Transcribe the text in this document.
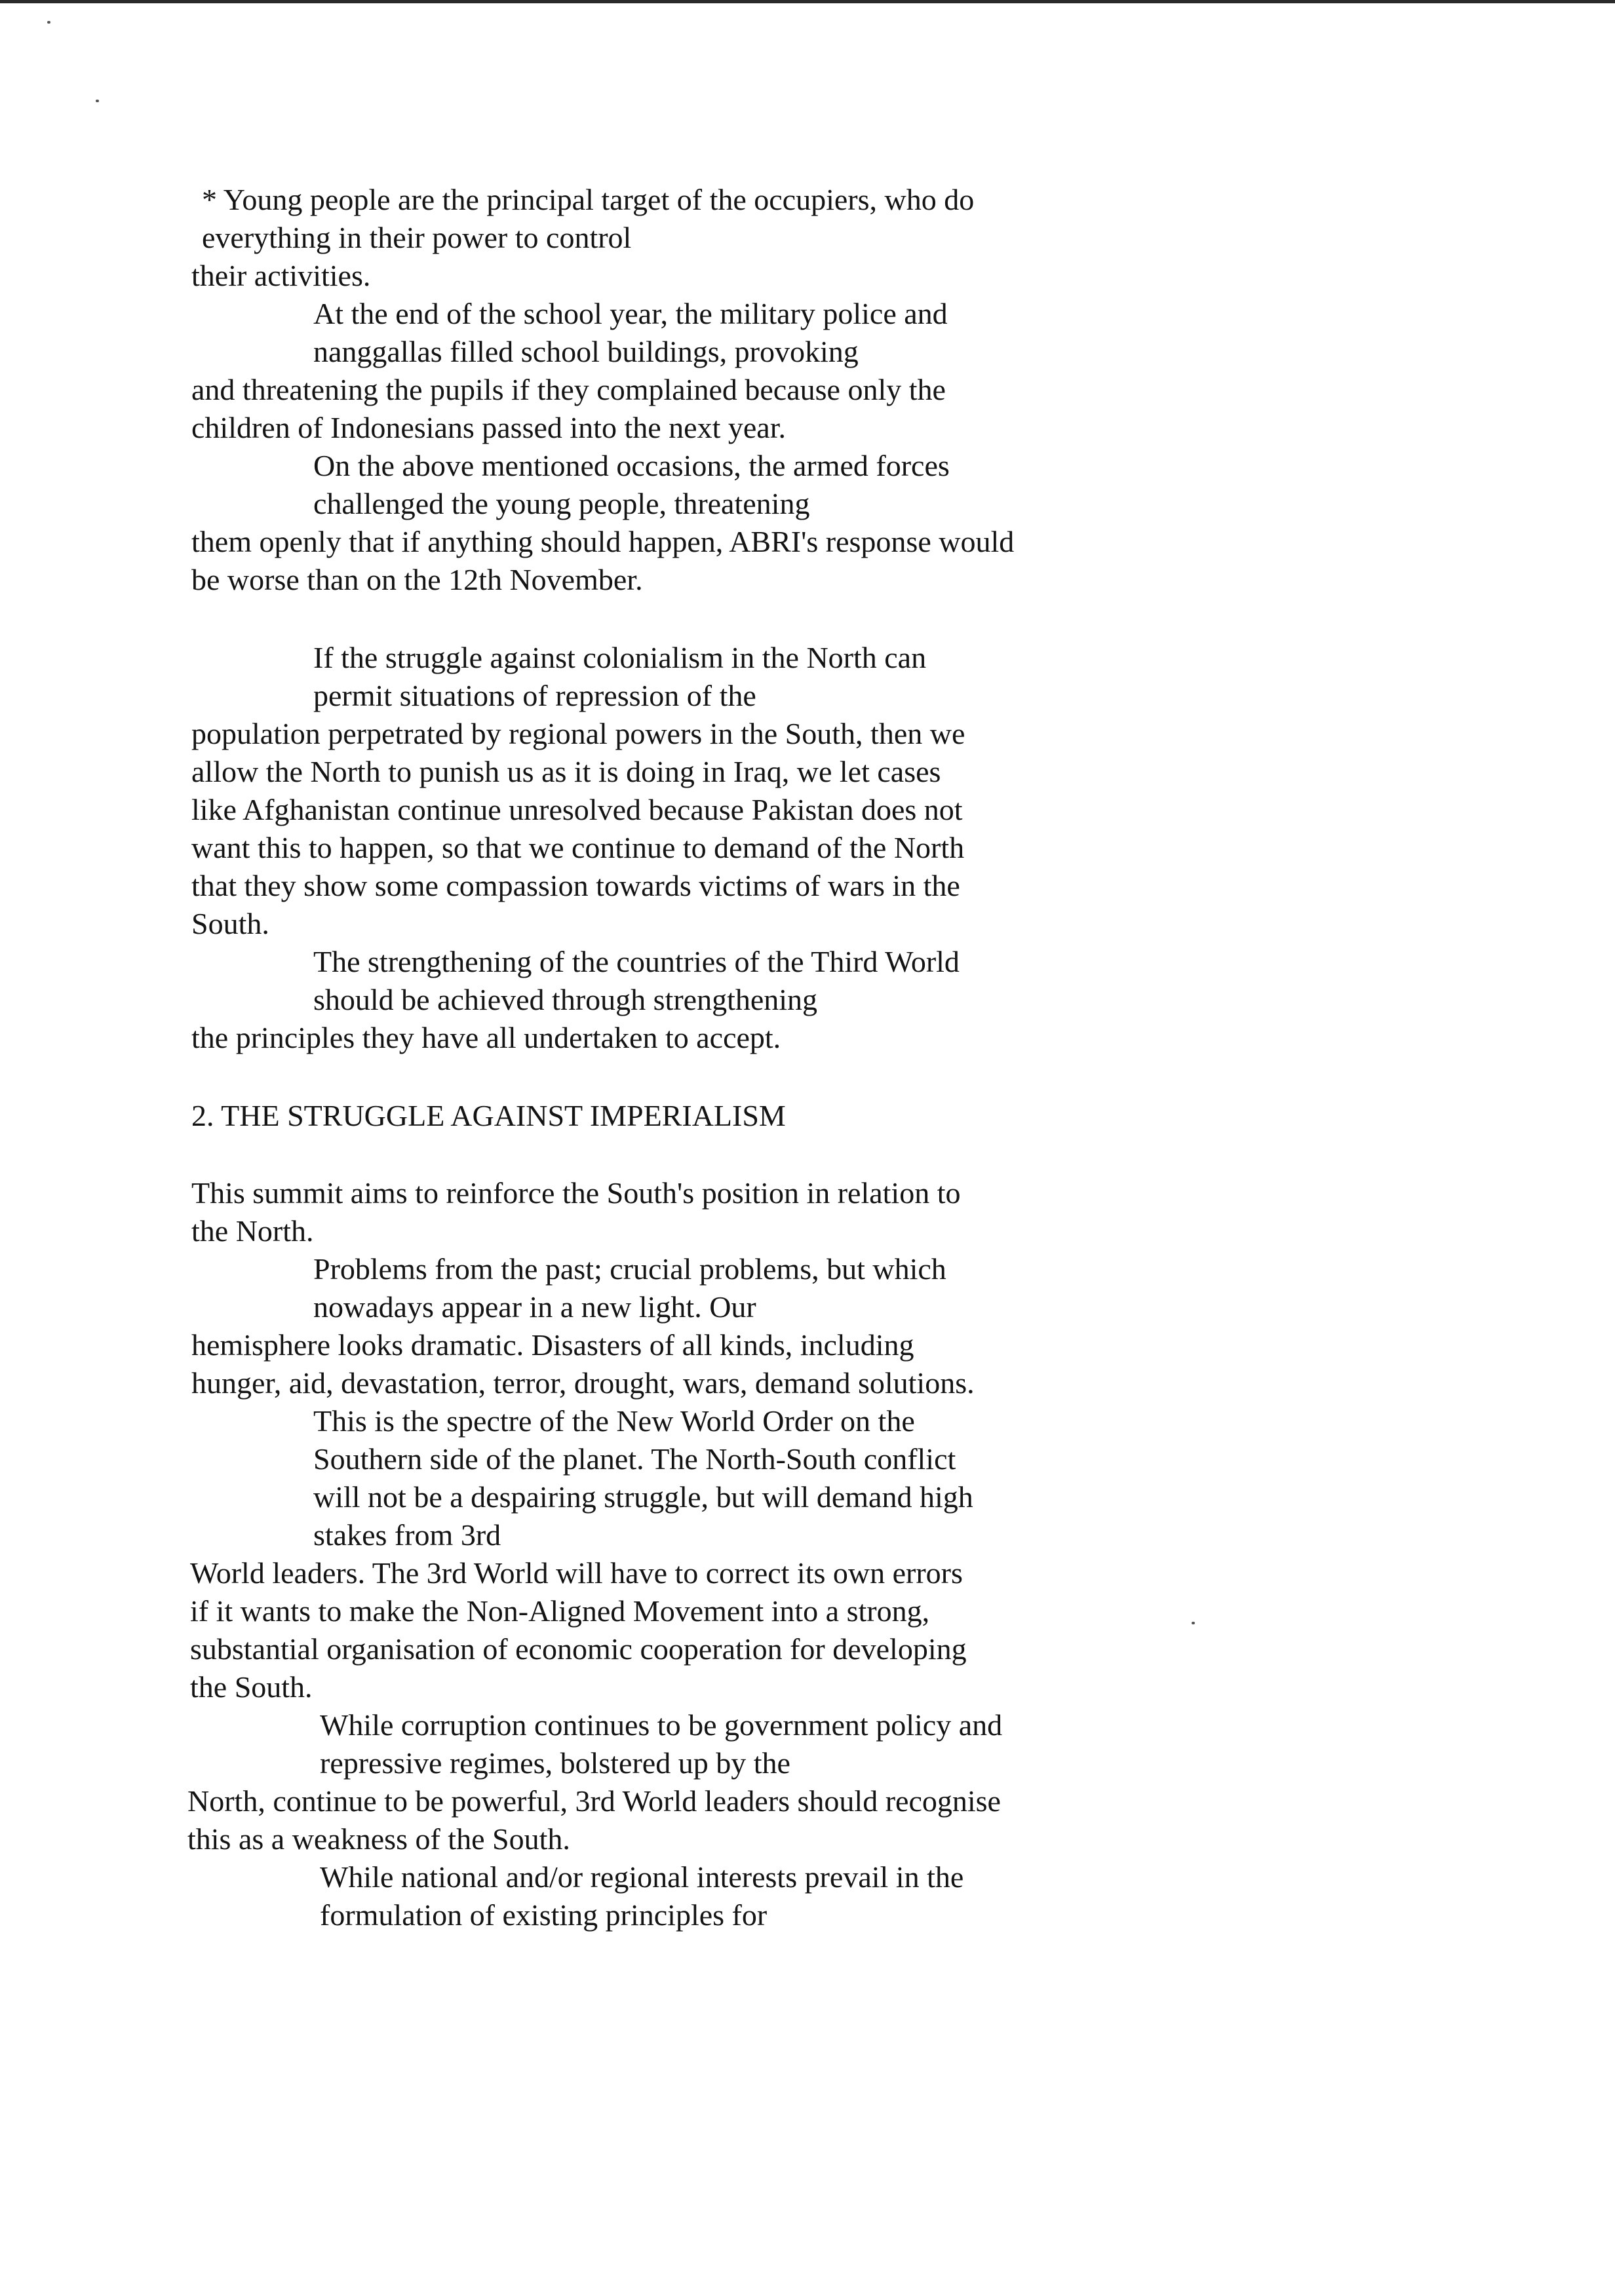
* Young people are the principal target of the occupiers, who do
everything in their power to control
their activities.
At the end of the school year, the military police and
nanggallas filled school buildings, provoking
and threatening the pupils if they complained because only the
children of Indonesians passed into the next year.
On the above mentioned occasions, the armed forces
challenged the young people, threatening
them openly that if anything should happen, ABRI's response would
be worse than on the 12th November.
If the struggle against colonialism in the North can
permit situations of repression of the
population perpetrated by regional powers in the South, then we
allow the North to punish us as it is doing in Iraq, we let cases
like Afghanistan continue unresolved because Pakistan does not
want this to happen, so that we continue to demand of the North
that they show some compassion towards victims of wars in the
South.
The strengthening of the countries of the Third World
should be achieved through strengthening
the principles they have all undertaken to accept.
2. THE STRUGGLE AGAINST IMPERIALISM
This summit aims to reinforce the South's position in relation to
the North.
Problems from the past; crucial problems, but which
nowadays appear in a new light. Our
hemisphere looks dramatic. Disasters of all kinds, including
hunger, aid, devastation, terror, drought, wars, demand solutions.
This is the spectre of the New World Order on the
Southern side of the planet. The North-South conflict
will not be a despairing struggle, but will demand high
stakes from 3rd
World leaders. The 3rd World will have to correct its own errors
if it wants to make the Non-Aligned Movement into a strong,
substantial organisation of economic cooperation for developing
the South.
While corruption continues to be government policy and
repressive regimes, bolstered up by the
North, continue to be powerful, 3rd World leaders should recognise
this as a weakness of the South.
While national and/or regional interests prevail in the
formulation of existing principles for
